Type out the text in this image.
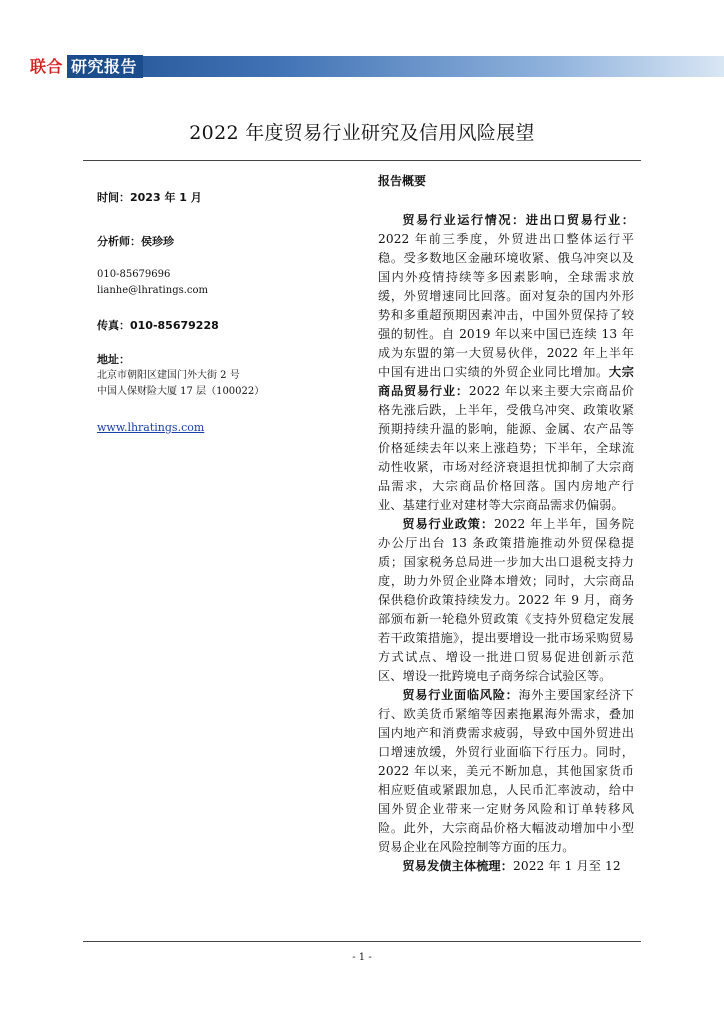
联合 研究报告
2022 年度贸易行业研究及信用风险展望
时间：2023 年 1 月
分析师：侯珍珍
010-85679696
lianhe@lhratings.com
传真：010-85679228
地址：
北京市朝阳区建国门外大街 2 号
中国人保财险大厦 17 层（100022）
www.lhratings.com
报告概要

贸易行业运行情况：进出口贸易行业：2022 年前三季度，外贸进出口整体运行平稳。受多数地区金融环境收紧、俄乌冲突以及国内外疫情持续等多因素影响，全球需求放缓，外贸增速同比回落。面对复杂的国内外形势和多重超预期因素冲击，中国外贸保持了较强的韧性。自 2019 年以来中国已连续 13 年成为东盟的第一大贸易伙伴，2022 年上半年中国有进出口实绩的外贸企业同比增加。大宗商品贸易行业：2022 年以来主要大宗商品价格先涨后跌，上半年，受俄乌冲突、政策收紧预期持续升温的影响，能源、金属、农产品等价格延续去年以来上涨趋势；下半年，全球流动性收紧，市场对经济衰退担忧抑制了大宗商品需求，大宗商品价格回落。国内房地产行业、基建行业对建材等大宗商品需求仍偏弱。

贸易行业政策：2022 年上半年，国务院办公厅出台 13 条政策措施推动外贸保稳提质；国家税务总局进一步加大出口退税支持力度，助力外贸企业降本增效；同时，大宗商品保供稳价政策持续发力。2022 年 9 月，商务部颁布新一轮稳外贸政策《支持外贸稳定发展若干政策措施》，提出要增设一批市场采购贸易方式试点、增设一批进口贸易促进创新示范区、增设一批跨境电子商务综合试验区等。

贸易行业面临风险：海外主要国家经济下行、欧美货币紧缩等因素拖累海外需求，叠加国内地产和消费需求疲弱，导致中国外贸进出口增速放缓，外贸行业面临下行压力。同时，2022 年以来，美元不断加息，其他国家货币相应贬值或紧跟加息，人民币汇率波动，给中国外贸企业带来一定财务风险和订单转移风险。此外，大宗商品价格大幅波动增加中小型贸易企业在风险控制等方面的压力。

贸易发债主体梳理：2022 年 1 月至 12

- 1 -
